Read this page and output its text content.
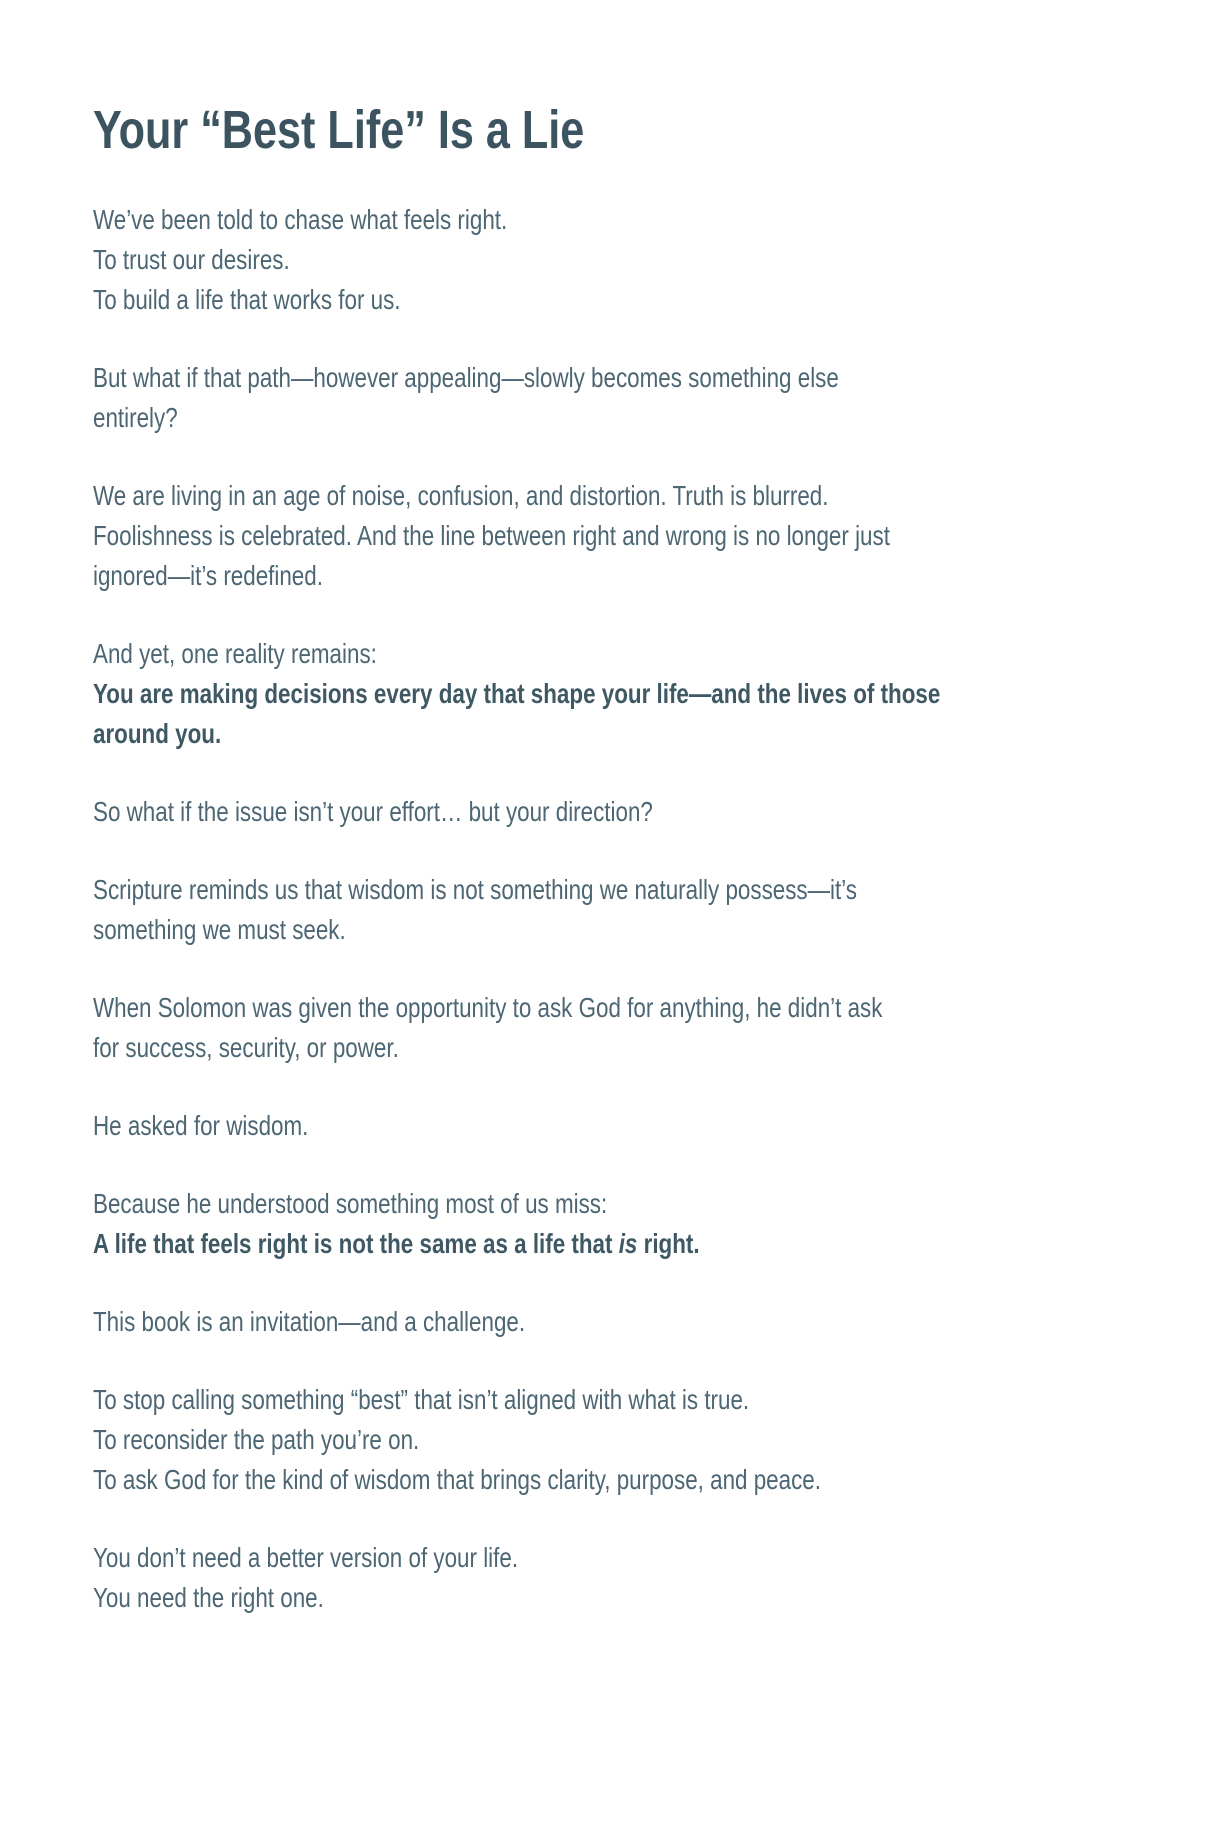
Your “Best Life” Is a Lie

We’ve been told to chase what feels right.
To trust our desires.
To build a life that works for us.

But what if that path—however appealing—slowly becomes something else
entirely?

We are living in an age of noise, confusion, and distortion. Truth is blurred.
Foolishness is celebrated. And the line between right and wrong is no longer just
ignored—it’s redefined.

And yet, one reality remains:
You are making decisions every day that shape your life—and the lives of those
around you.

So what if the issue isn’t your effort… but your direction?

Scripture reminds us that wisdom is not something we naturally possess—it’s
something we must seek.

When Solomon was given the opportunity to ask God for anything, he didn’t ask
for success, security, or power.

He asked for wisdom.

Because he understood something most of us miss:
A life that feels right is not the same as a life that is right.

This book is an invitation—and a challenge.

To stop calling something “best” that isn’t aligned with what is true.
To reconsider the path you’re on.
To ask God for the kind of wisdom that brings clarity, purpose, and peace.

You don’t need a better version of your life.
You need the right one.
